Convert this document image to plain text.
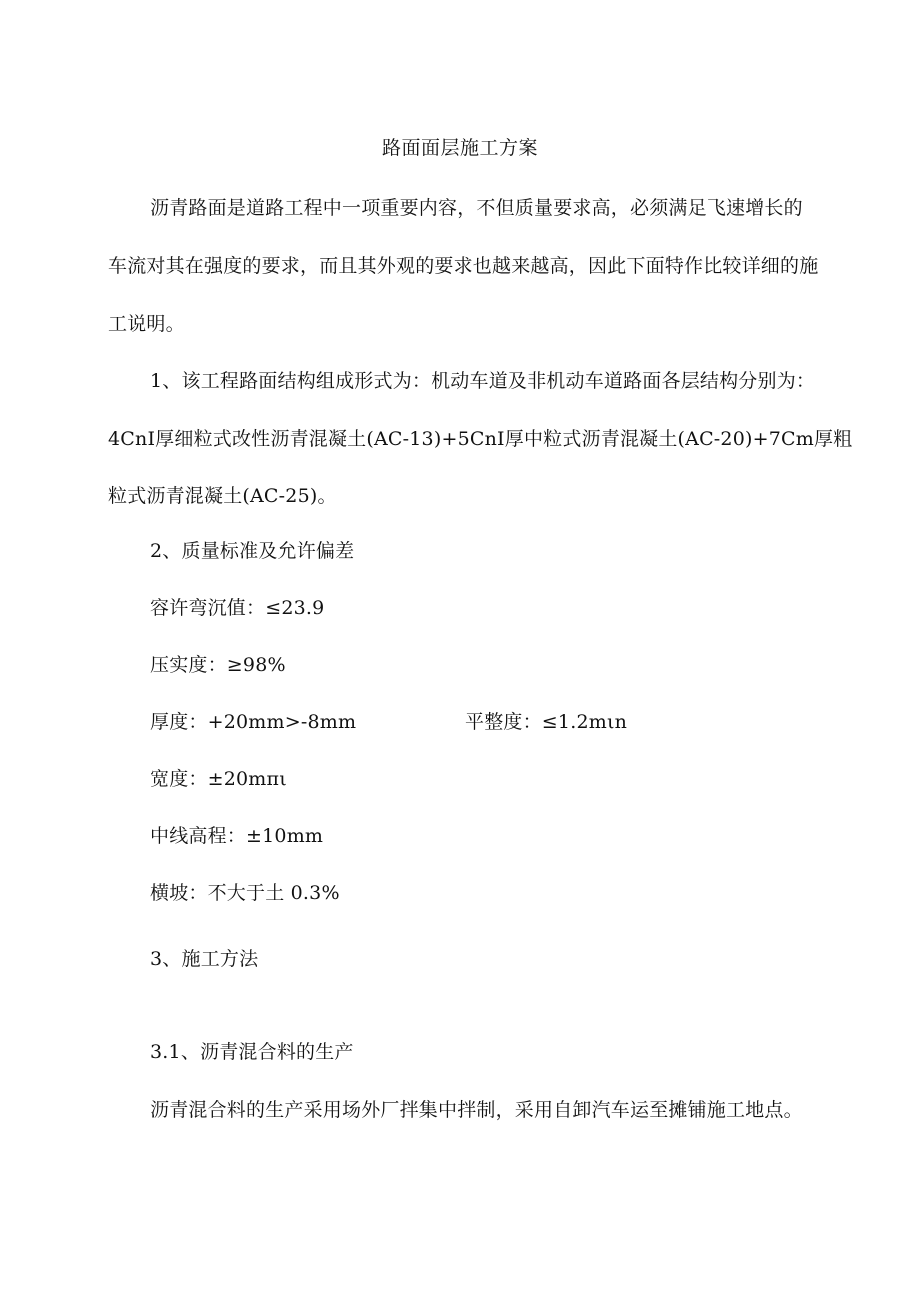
路面面层施工方案
沥青路面是道路工程中一项重要内容，不但质量要求高，必须满足飞速增长的
车流对其在强度的要求，而且其外观的要求也越来越高，因此下面特作比较详细的施
工说明。
1、该工程路面结构组成形式为：机动车道及非机动车道路面各层结构分别为：
4CnI厚细粒式改性沥青混凝土(AC-13)+5CnI厚中粒式沥青混凝土(AC-20)+7Cm厚粗
粒式沥青混凝土(AC-25)。
2、质量标准及允许偏差
容许弯沉值：≤23.9
压实度：≥98%
厚度：+20mm>-8mm	平整度：≤1.2mιn
宽度：±20mπι
中线高程：±10mm
横坡：不大于土 0.3%
3、施工方法
3.1、沥青混合料的生产
沥青混合料的生产采用场外厂拌集中拌制，采用自卸汽车运至摊铺施工地点。
